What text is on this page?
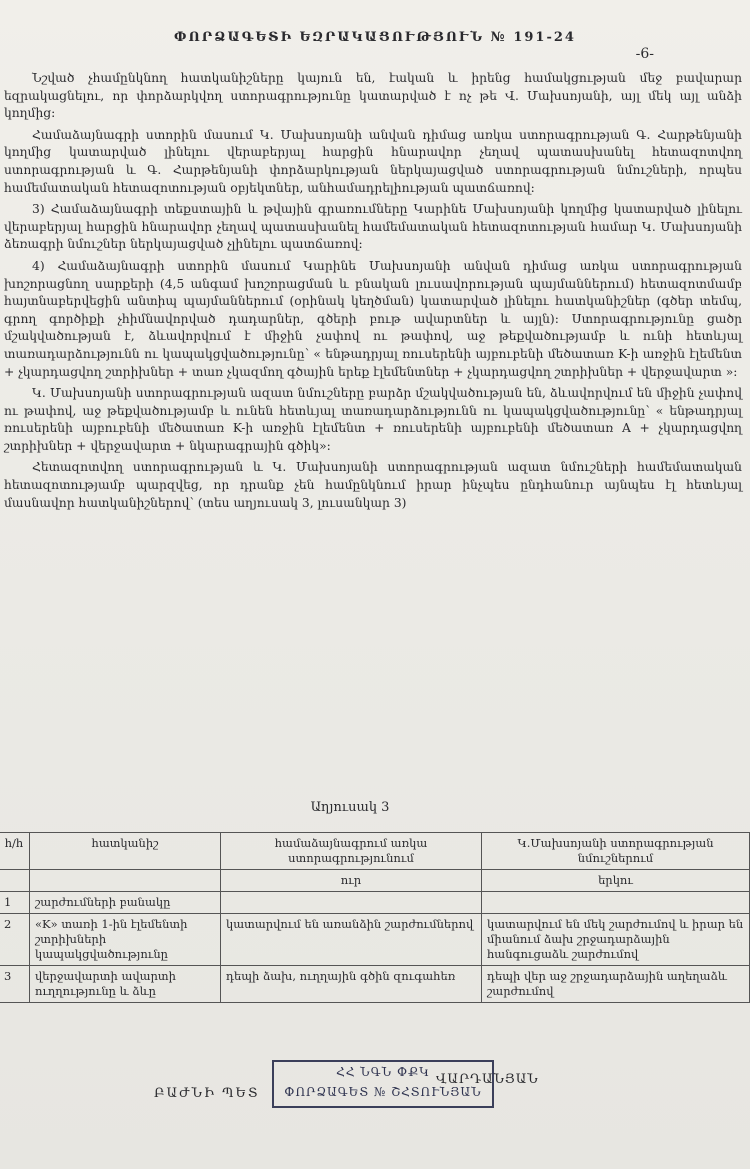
ՓՈՐՁԱԳԵՏԻ ԵԶՐԱԿԱՑՈՒԹՅՈՒՆ № 191-24
-6-

Նշված չհամընկնող հատկանիշները կայուն են, էական և իրենց համակցության մեջ բավարար եզրակացնելու, որ փորձարկվող ստորագրությունը կատարված է ոչ թե Վ. Մախսոյանի, այլ մեկ այլ անձի կողմից։

Համաձայնագրի ստորին մասում Կ. Մախսոյանի անվան դիմաց առկա ստորագրության Գ. Հարթենյանի կողմից կատարված լինելու վերաբերյալ հարցին հնարավոր չեղավ պատասխանել հետազոտվող ստորագրության և Գ. Հարթենյանի փորձարկության ներկայացված ստորագրության նմուշների, որպես համեմատական հետազոտության օբյեկտներ, անհամադրելիության պատճառով։

3) Համաձայնագրի տեքստային և թվային գրառումները Կարինե Մախսոյանի կողմից կատարված լինելու վերաբերյալ հարցին հնարավոր չեղավ պատասխանել համեմատական հետազոտության համար Կ. Մախսոյանի ձեռագրի նմուշներ ներկայացված չլինելու պատճառով։

4) Համաձայնագրի ստորին մասում Կարինե Մախսոյանի անվան դիմաց առկա ստորագրության խոշորացնող սարքերի (4,5 անգամ խոշորացման և բնական լուսավորության պայմաններում) հետազոտմամբ հայտնաբերվեցին անտիպ պայմաններում (օրինակ կեղծման) կատարված լինելու հատկանիշներ (գծեր տեմպ, գրող գործիքի չհիմնավորված դադարներ, գծերի բութ ավարտներ և այլն)։ Ստորագրությունը ցածր մշակվածության է, ձևավորվում է միջին չափով ու թափով, աջ թեքվածությամբ և ունի հետևյալ տառադարձությունն ու կապակցվածությունը՝ « ենթադրյալ ռուսերենի այբուբենի մեծատառ K-ի առջին էլեմենտ + չկարդացվող շտրիխներ + տառ չկազմող գծային երեք էլեմենտներ + չկարդացվող շտրիխներ + վերջավարտ »։

Կ. Մախսոյանի ստորագրության ազատ նմուշները բարձր մշակվածության են, ձևավորվում են միջին չափով ու թափով, աջ թեքվածությամբ և ունեն հետևյալ տառադարձությունն ու կապակցվածությունը՝ « ենթադրյալ ռուսերենի այբուբենի մեծատառ K-ի առջին էլեմենտ + ռուսերենի այբուբենի մեծատառ A + չկարդացվող շտրիխներ + վերջավարտ + նկարագրային գծիկ»։

Հետազոտվող ստորագրության և Կ. Մախսոյանի ստորագրության ազատ նմուշների համեմատական հետազոտությամբ պարզվեց, որ դրանք չեն համընկնում իրար ինչպես ընդհանուր այնպես էլ հետևյալ մասնավոր հատկանիշներով՝ (տես աղյուսակ 3, լուսանկար 3)

Աղյուսակ 3
հ/հ	հատկանիշ	համաձայնագրում առկա ստորագրությունում	Կ.Մախսոյանի ստորագրության նմուշներում
		ուր	երկու
1	շարժումների բանակը		
2	«K» տառի 1-ին էլեմենտի շտրիխների կապակցվածությունը	կատարվում են առանձին շարժումներով	կատարվում են մեկ շարժումով և իրար են միանում ձախ շրջադարձային հանգուցաձև շարժումով
3	վերջավարտի ավարտի ուղղությունը և ձևը	դեպի ձախ, ուղղային գծին զուգահեռ	դեպի վեր աջ շրջադարձային աղեղաձև շարժումով
ԲԱԺՆԻ ՊԵՏ
ՀՀ ՆԳՆ ՓՔԿ
ՓՈՐՁԱԳԵՏ № ՇՀՏՈՒՆՅԱՆ
ՎԱՐԴԱՆՅԱՆ
